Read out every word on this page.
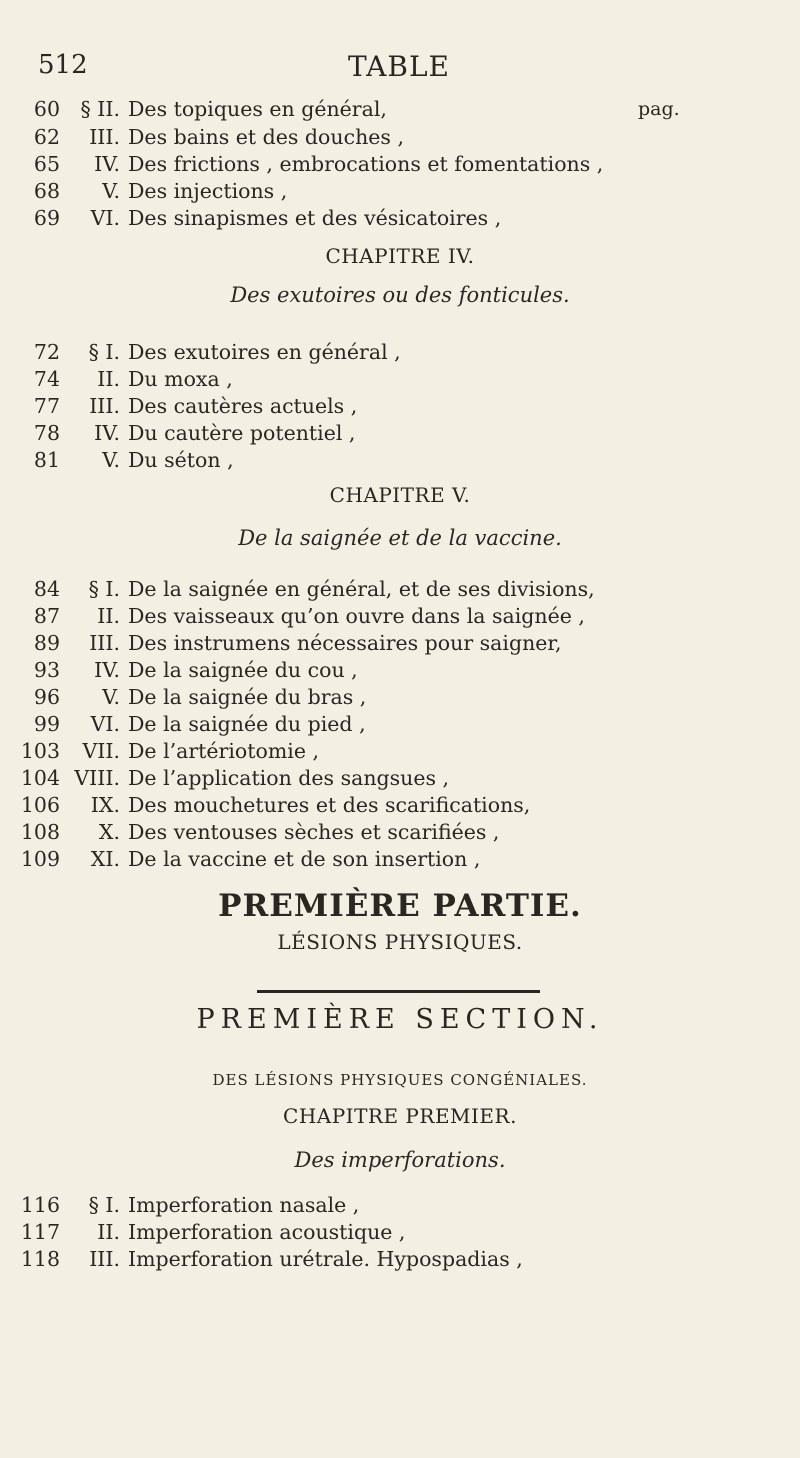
512	TABLE
§ II. Des topiques en général,	pag.
60
III. Des bains et des douches ,
62
IV. Des frictions , embrocations et fomentations ,
65
V. Des injections ,
68
VI. Des sinapismes et des vésicatoires ,
69
CHAPITRE IV.
Des exutoires ou des fonticules.
§ I. Des exutoires en général ,
72
II. Du moxa ,
74
III. Des cautères actuels ,
77
IV. Du cautère potentiel ,
78
V. Du séton ,
81
CHAPITRE V.
De la saignée et de la vaccine.
§ I. De la saignée en général, et de ses divisions,
84
II. Des vaisseaux qu’on ouvre dans la saignée ,
87
III. Des instrumens nécessaires pour saigner,
89
IV. De la saignée du cou ,
93
V. De la saignée du bras ,
96
VI. De la saignée du pied ,
99
VII. De l’artériotomie ,
103
VIII. De l’application des sangsues ,
104
IX. Des mouchetures et des scarifications,
106
X. Des ventouses sèches et scarifiées ,
108
XI. De la vaccine et de son insertion ,
109
PREMIÈRE PARTIE.
LÉSIONS PHYSIQUES.
PREMIÈRE SECTION.
DES LÉSIONS PHYSIQUES CONGÉNIALES.
CHAPITRE PREMIER.
Des imperforations.
§ I. Imperforation nasale ,
116
II. Imperforation acoustique ,
117
III. Imperforation urétrale. Hypospadias ,
118
